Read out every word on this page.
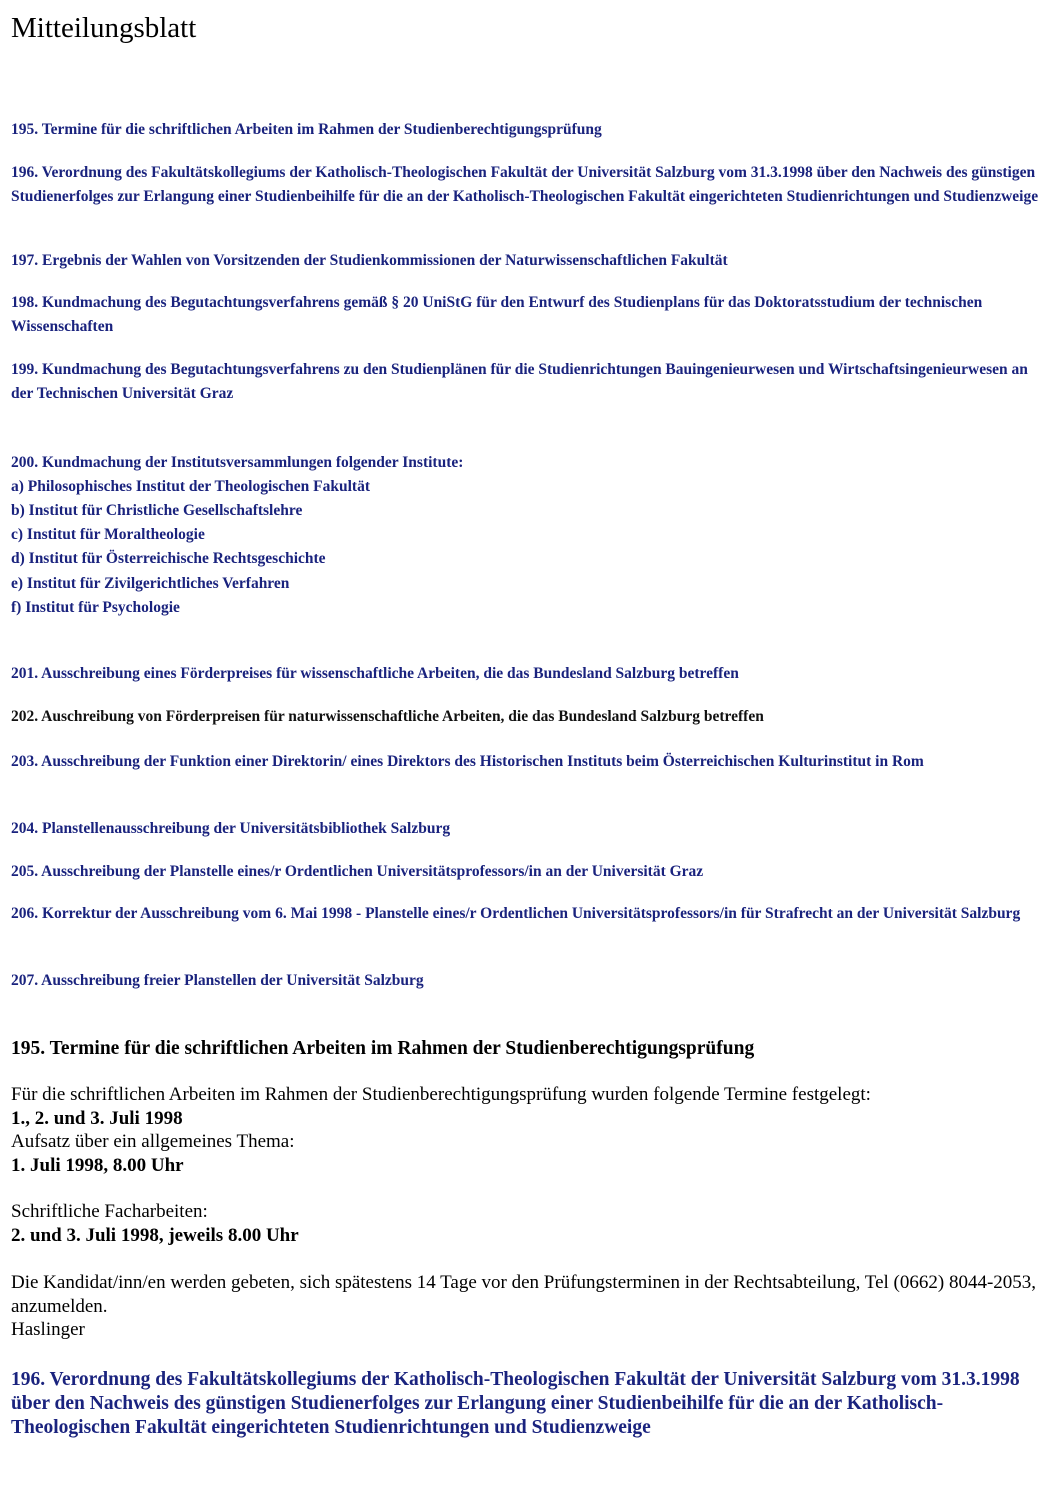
Mitteilungsblatt
195. Termine für die schriftlichen Arbeiten im Rahmen der Studienberechtigungsprüfung
196. Verordnung des Fakultätskollegiums der Katholisch-Theologischen Fakultät der Universität Salzburg vom 31.3.1998 über den Nachweis des günstigen Studienerfolges zur Erlangung einer Studienbeihilfe für die an der Katholisch-Theologischen Fakultät eingerichteten Studienrichtungen und Studienzweige
197. Ergebnis der Wahlen von Vorsitzenden der Studienkommissionen der Naturwissenschaftlichen Fakultät
198. Kundmachung des Begutachtungsverfahrens gemäß § 20 UniStG für den Entwurf des Studienplans für das Doktoratsstudium der technischen Wissenschaften
199. Kundmachung des Begutachtungsverfahrens zu den Studienplänen für die Studienrichtungen Bauingenieurwesen und Wirtschaftsingenieurwesen an der Technischen Universität Graz
200. Kundmachung der Institutsversammlungen folgender Institute:
a) Philosophisches Institut der Theologischen Fakultät
b) Institut für Christliche Gesellschaftslehre
c) Institut für Moraltheologie
d) Institut für Österreichische Rechtsgeschichte
e) Institut für Zivilgerichtliches Verfahren
f) Institut für Psychologie
201. Ausschreibung eines Förderpreises für wissenschaftliche Arbeiten, die das Bundesland Salzburg betreffen
202. Auschreibung von Förderpreisen für naturwissenschaftliche Arbeiten, die das Bundesland Salzburg betreffen
203. Ausschreibung der Funktion einer Direktorin/ eines Direktors des Historischen Instituts beim Österreichischen Kulturinstitut in Rom
204. Planstellenausschreibung der Universitätsbibliothek Salzburg
205. Ausschreibung der Planstelle eines/r Ordentlichen Universitätsprofessors/in an der Universität Graz
206. Korrektur der Ausschreibung vom 6. Mai 1998 - Planstelle eines/r Ordentlichen Universitätsprofessors/in für Strafrecht an der Universität Salzburg
207. Ausschreibung freier Planstellen der Universität Salzburg
195. Termine für die schriftlichen Arbeiten im Rahmen der Studienberechtigungsprüfung
Für die schriftlichen Arbeiten im Rahmen der Studienberechtigungsprüfung wurden folgende Termine festgelegt:
1., 2. und 3. Juli 1998
Aufsatz über ein allgemeines Thema:
1. Juli 1998, 8.00 Uhr
Schriftliche Facharbeiten:
2. und 3. Juli 1998, jeweils 8.00 Uhr
Die Kandidat/inn/en werden gebeten, sich spätestens 14 Tage vor den Prüfungsterminen in der Rechtsabteilung, Tel (0662) 8044-2053, anzumelden.
Haslinger
196. Verordnung des Fakultätskollegiums der Katholisch-Theologischen Fakultät der Universität Salzburg vom 31.3.1998 über den Nachweis des günstigen Studienerfolges zur Erlangung einer Studienbeihilfe für die an der Katholisch-Theologischen Fakultät eingerichteten Studienrichtungen und Studienzweige
